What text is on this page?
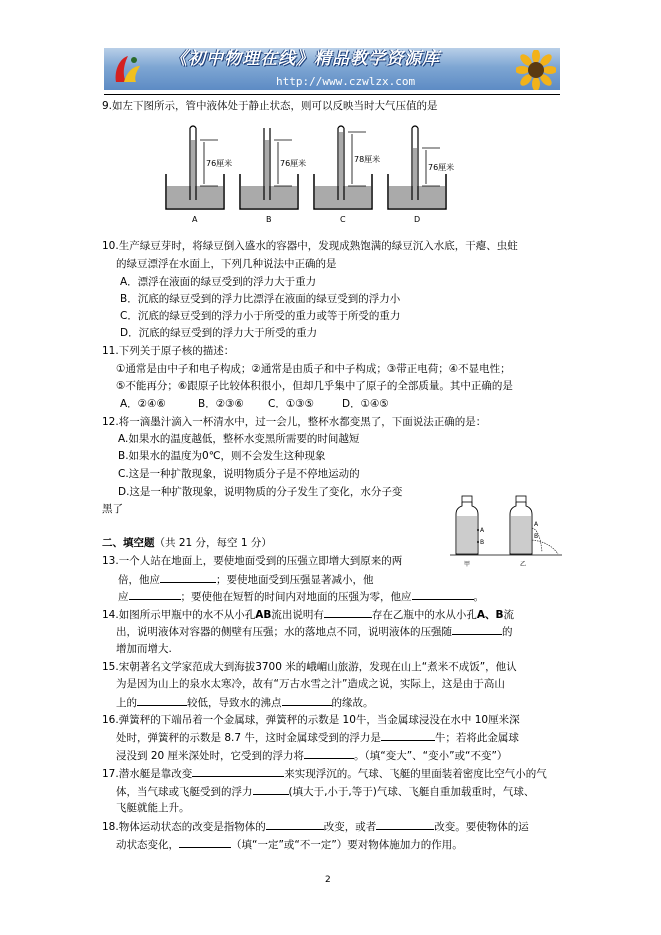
《初中物理在线》精品教学资源库
http://www.czwlzx.com
9.如左下图所示，管中液体处于静止状态，则可以反映当时大气压值的是
76厘米
A
76厘米
B
78厘米
C
76厘米
D
10.生产绿豆芽时，将绿豆倒入盛水的容器中，发现成熟饱满的绿豆沉入水底，干瘪、虫蛀
的绿豆漂浮在水面上，下列几种说法中正确的是
A．漂浮在液面的绿豆受到的浮力大于重力
B．沉底的绿豆受到的浮力比漂浮在液面的绿豆受到的浮力小
C．沉底的绿豆受到的浮力小于所受的重力或等于所受的重力
D．沉底的绿豆受到的浮力大于所受的重力
11.下列关于原子核的描述：
①通常是由中子和电子构成；②通常是由质子和中子构成；③带正电荷；④不显电性；
⑤不能再分；⑥跟原子比较体积很小，但却几乎集中了原子的全部质量。其中正确的是
A．②④⑥	B．②③⑥ C．①③⑤	D．①④⑤
12.将一滴墨汁滴入一杯清水中，过一会儿，整杯水都变黑了，下面说法正确的是：
A.如果水的温度越低，整杯水变黑所需要的时间越短
B.如果水的温度为0℃，则不会发生这种现象
C.这是一种扩散现象，说明物质分子是不停地运动的
D.这是一种扩散现象，说明物质的分子发生了变化，水分子变
黑了
A
B
甲
A
B
乙
二、填空题（共 21 分，每空 1 分）
13.一个人站在地面上，要使地面受到的压强立即增大到原来的两
倍，他应	；要使地面受到压强显著减小，他
应	；要使他在短暂的时间内对地面的压强为零，他应	。
14.如图所示甲瓶中的水不从小孔AB流出说明有	存在乙瓶中的水从小孔A、B流
出，说明液体对容器的侧壁有压强；水的落地点不同，说明液体的压强随	的
增加而增大.
15.宋朝著名文学家范成大到海拔3700 米的峨嵋山旅游，发现在山上“煮米不成饭”，他认
为是因为山上的泉水太寒冷，故有“万古水雪之汁”造成之说，实际上，这是由于高山
上的	较低，导致水的沸点	的缘故。
16.弹簧秤的下端吊着一个金属球，弹簧秤的示数是 10牛，当金属球浸没在水中 10厘米深
处时，弹簧秤的示数是 8.7 牛，这时金属球受到的浮力是	牛；若将此金属球
浸没到 20 厘米深处时，它受到的浮力将	。（填“变大”、“变小”或“不变”）
17.潜水艇是靠改变	来实现浮沉的。气球、飞艇的里面装着密度比空气小的气
体，当气球或飞艇受到的浮力	(填大于,小于,等于)气球、飞艇自重加载重时，气球、
飞艇就能上升。
18.物体运动状态的改变是指物体的	改变，或者	改变。要使物体的运
动状态变化，	（填“一定”或“不一定”）要对物体施加力的作用。
2
